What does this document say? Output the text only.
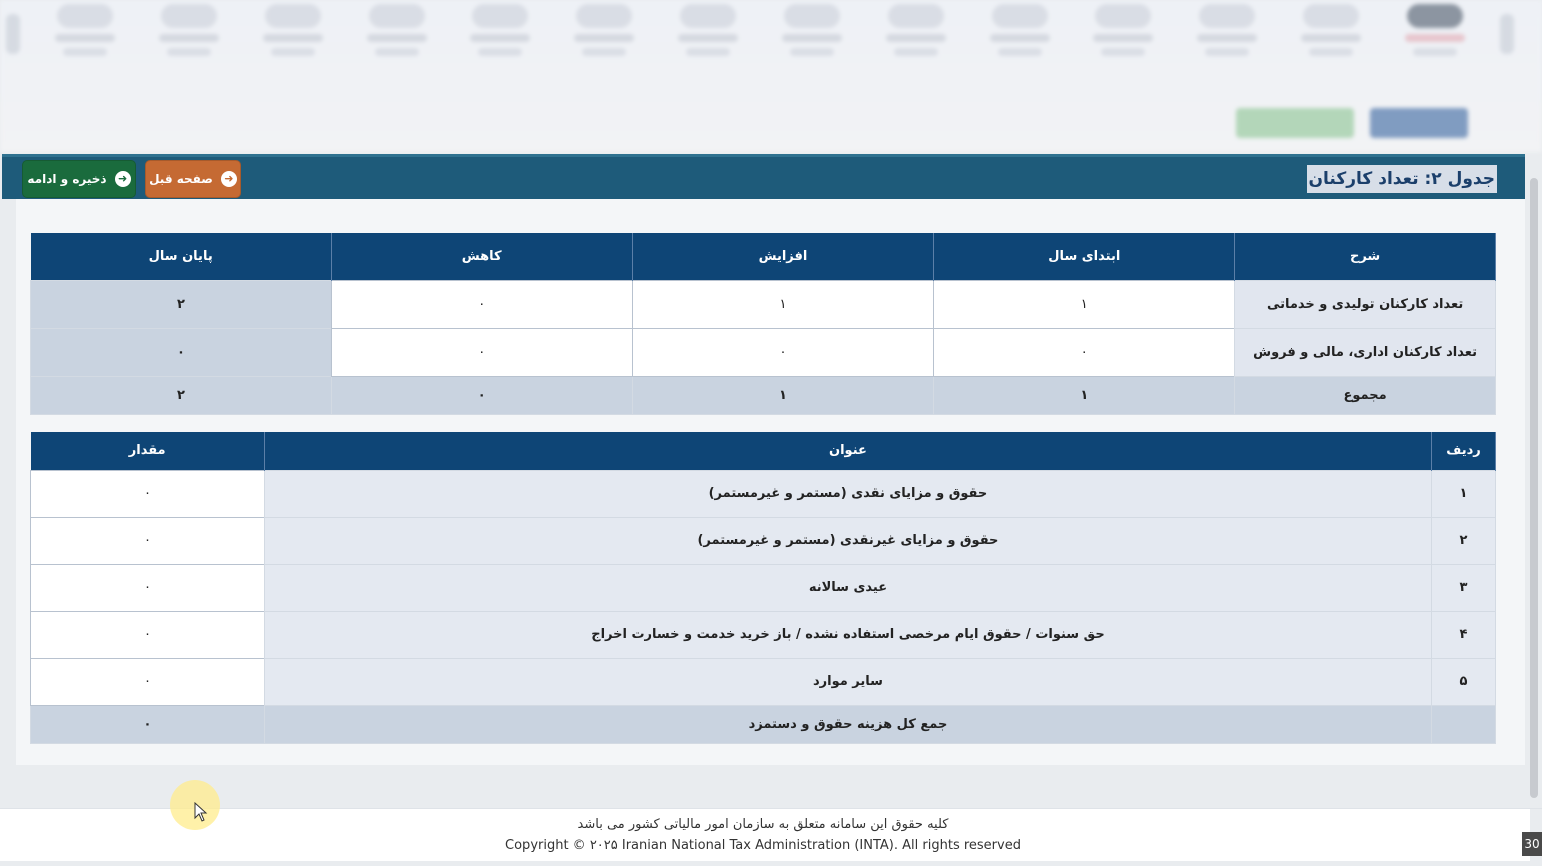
➜
ذخیره و ادامه	➜
صفحه قبل	جدول ۲: تعداد کارکنان
شرح	ابتدای سال	افزایش	کاهش	پایان سال
تعداد کارکنان تولیدی و خدماتی	۱	۱	۰	۲
تعداد کارکنان اداری، مالی و فروش	۰	۰	۰	۰
مجموع	۱	۱	۰	۲
ردیف	عنوان	مقدار
۱	حقوق و مزایای نقدی (مستمر و غیرمستمر)	۰
۲	حقوق و مزایای غیرنقدی (مستمر و غیرمستمر)	۰
۳	عیدی سالانه	۰
۴	حق سنوات / حقوق ایام مرخصی استفاده نشده / باز خرید خدمت و خسارت اخراج	۰
۵	سایر موارد	۰
	جمع کل هزینه حقوق و دستمزد	۰
کلیه حقوق این سامانه متعلق به سازمان امور مالیاتی کشور می باشد
Copyright © ۲۰۲۵ Iranian National Tax Administration (INTA). All rights reserved	30
